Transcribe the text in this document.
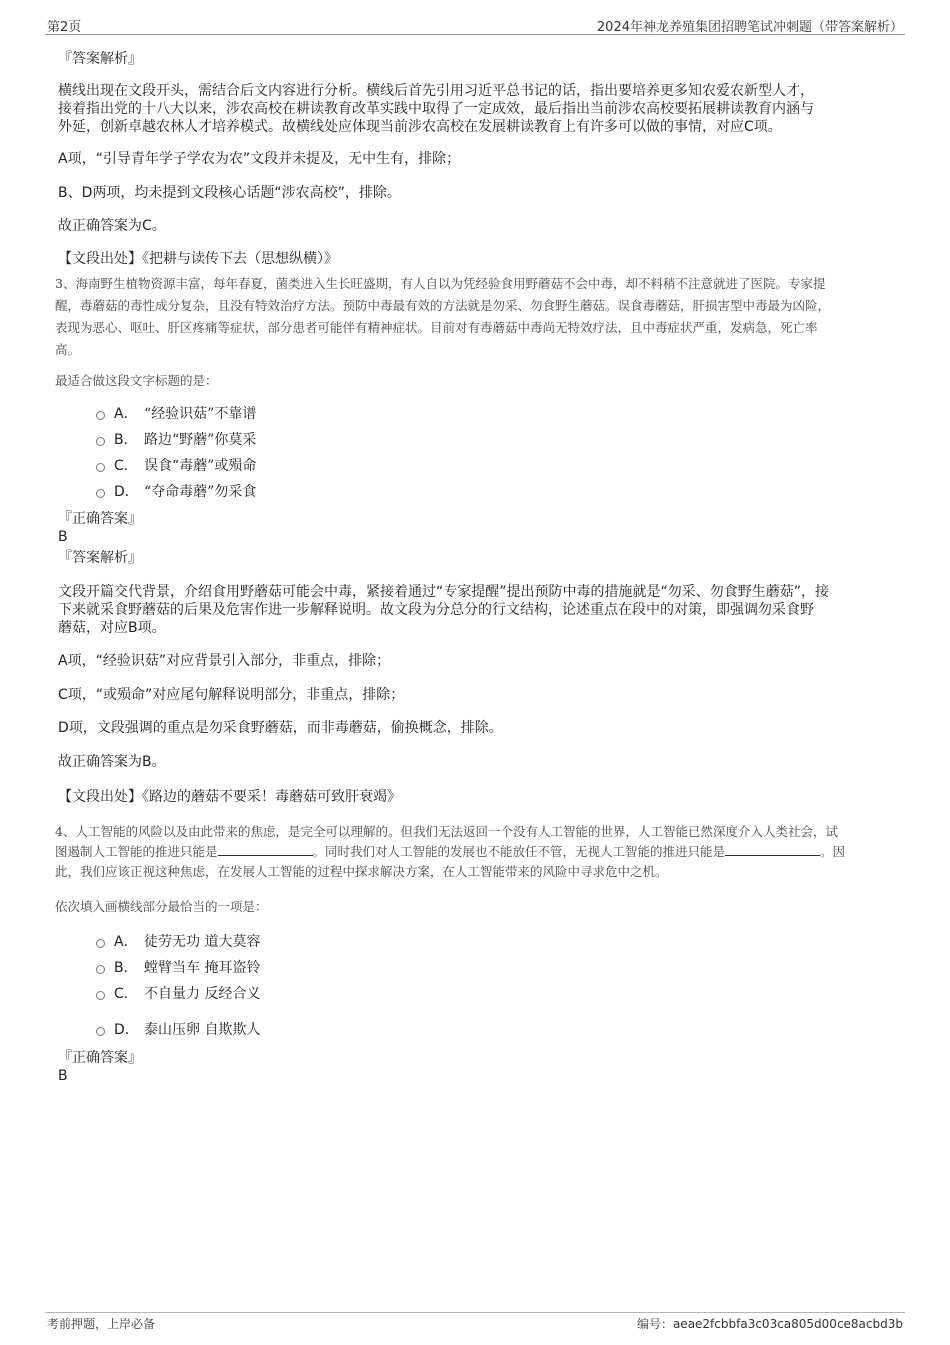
第2页	2024年神龙养殖集团招聘笔试冲刺题（带答案解析）

『答案解析』

横线出现在文段开头，需结合后文内容进行分析。横线后首先引用习近平总书记的话，指出要培养更多知农爱农新型人才，

接着指出党的十八大以来，涉农高校在耕读教育改革实践中取得了一定成效，最后指出当前涉农高校要拓展耕读教育内涵与

外延，创新卓越农林人才培养模式。故横线处应体现当前涉农高校在发展耕读教育上有许多可以做的事情，对应C项。

A项，“引导青年学子学农为农”文段并未提及，无中生有，排除；

B、D两项，均未提到文段核心话题“涉农高校”，排除。

故正确答案为C。

【文段出处】《把耕与读传下去（思想纵横）》

3、海南野生植物资源丰富，每年春夏，菌类进入生长旺盛期，有人自以为凭经验食用野蘑菇不会中毒，却不料稍不注意就进了医院。专家提

醒，毒蘑菇的毒性成分复杂，且没有特效治疗方法。预防中毒最有效的方法就是勿采、勿食野生蘑菇。误食毒蘑菇，肝损害型中毒最为凶险，

表现为恶心、呕吐、肝区疼痛等症状，部分患者可能伴有精神症状。目前对有毒蘑菇中毒尚无特效疗法，且中毒症状严重，发病急，死亡率

高。

最适合做这段文字标题的是：

A． “经验识菇”不靠谱
B． 路边“野蘑”你莫采
C． 误食“毒蘑”或殒命
D． “夺命毒蘑”勿采食

『正确答案』

B

『答案解析』

文段开篇交代背景，介绍食用野蘑菇可能会中毒，紧接着通过“专家提醒”提出预防中毒的措施就是“勿采、勿食野生蘑菇”，接

下来就采食野蘑菇的后果及危害作进一步解释说明。故文段为分总分的行文结构，论述重点在段中的对策，即强调勿采食野

蘑菇，对应B项。

A项，“经验识菇”对应背景引入部分，非重点，排除；

C项，“或殒命”对应尾句解释说明部分，非重点，排除；

D项，文段强调的重点是勿采食野蘑菇，而非毒蘑菇，偷换概念，排除。

故正确答案为B。

【文段出处】《路边的蘑菇不要采！毒蘑菇可致肝衰竭》

4、人工智能的风险以及由此带来的焦虑，是完全可以理解的。但我们无法返回一个没有人工智能的世界，人工智能已然深度介入人类社会，试

图遏制人工智能的推进只能是	。同时我们对人工智能的发展也不能放任不管，无视人工智能的推进只能是	。因

此，我们应该正视这种焦虑，在发展人工智能的过程中探求解决方案，在人工智能带来的风险中寻求危中之机。

依次填入画横线部分最恰当的一项是：

A． 徒劳无功 道大莫容
B． 螳臂当车 掩耳盗铃
C． 不自量力 反经合义
D． 泰山压卵 自欺欺人

『正确答案』

B

考前押题，上岸必备	编号：aeae2fcbbfa3c03ca805d00ce8acbd3b
